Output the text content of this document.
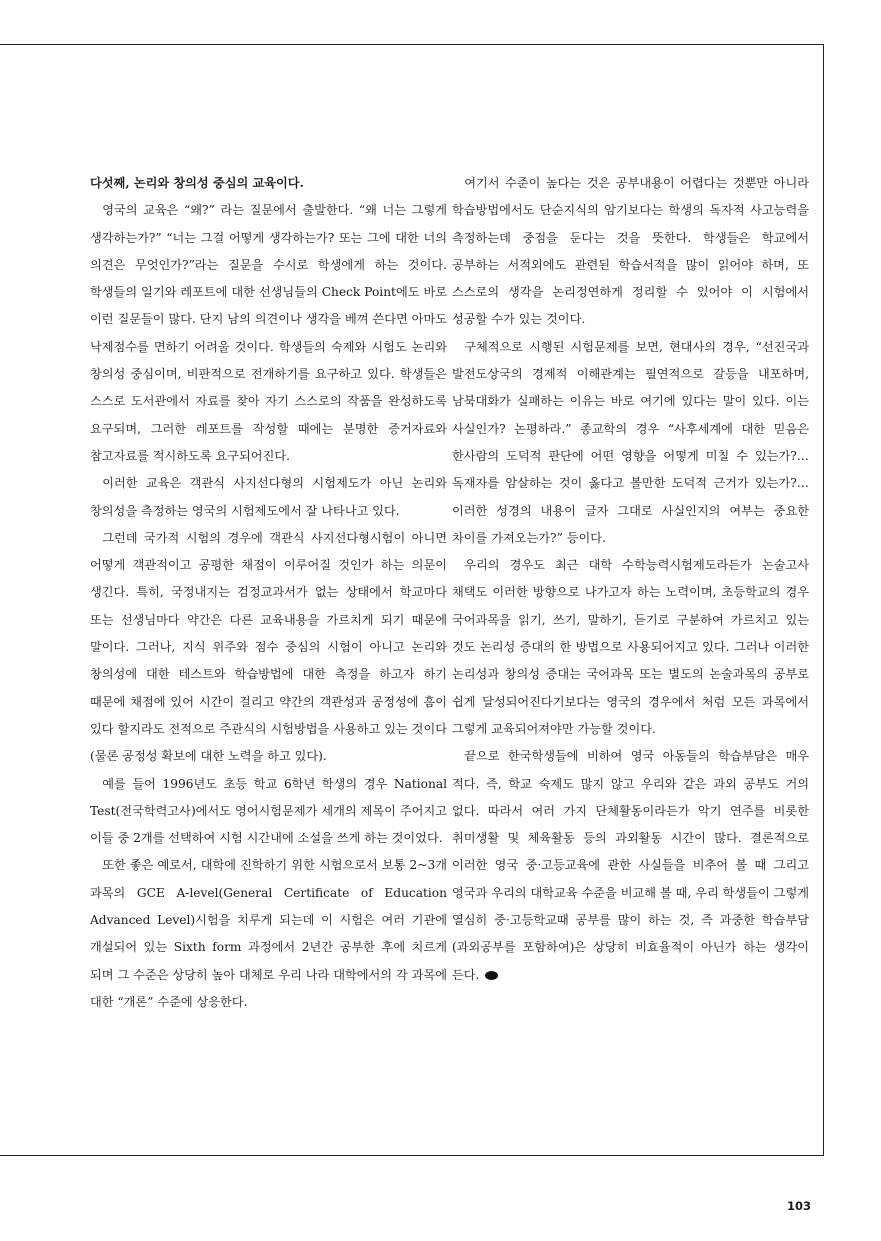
다섯째, 논리와 창의성 중심의 교육이다.

영국의 교육은 “왜?” 라는 질문에서 출발한다. “왜 너는 그렇게 생각하는가?” “너는 그걸 어떻게 생각하는가? 또는 그에 대한 너의 의견은 무엇인가?”라는 질문을 수시로 학생에게 하는 것이다. 학생들의 일기와 레포트에 대한 선생님들의 Check Point에도 바로 이런 질문들이 많다. 단지 남의 의견이나 생각을 베껴 쓴다면 아마도 낙제점수를 면하기 어려울 것이다. 학생들의 숙제와 시험도 논리와 창의성 중심이며, 비판적으로 전개하기를 요구하고 있다. 학생들은 스스로 도서관에서 자료를 찾아 자기 스스로의 작품을 완성하도록 요구되며, 그러한 레포트를 작성할 때에는 분명한 증거자료와 참고자료를 적시하도록 요구되어진다.

이러한 교육은 객관식 사지선다형의 시험제도가 아닌 논리와 창의성을 측정하는 영국의 시험제도에서 잘 나타나고 있다.

그런데 국가적 시험의 경우에 객관식 사지선다형시험이 아니면 어떻게 객관적이고 공평한 채점이 이루어질 것인가 하는 의문이 생긴다. 특히, 국정내지는 검정교과서가 없는 상태에서 학교마다 또는 선생님마다 약간은 다른 교육내용을 가르치게 되기 때문에 말이다. 그러나, 지식 위주와 점수 중심의 시험이 아니고 논리와 창의성에 대한 테스트와 학습방법에 대한 측정을 하고자 하기 때문에 채점에 있어 시간이 걸리고 약간의 객관성과 공정성에 흠이 있다 할지라도 전적으로 주관식의 시험방법을 사용하고 있는 것이다(물론 공정성 확보에 대한 노력을 하고 있다).

예를 들어 1996년도 초등 학교 6학년 학생의 경우 National Test(전국학력고사)에서도 영어시험문제가 세개의 제목이 주어지고 이들 중 2개를 선택하여 시험 시간내에 소설을 쓰게 하는 것이었다.

또한 좋은 예로서, 대학에 진학하기 위한 시험으로서 보통 2~3개 과목의 GCE A-level(General Certificate of Education Advanced Level)시험을 치루게 되는데 이 시험은 여러 기관에 개설되어 있는 Sixth form 과정에서 2년간 공부한 후에 치르게 되며 그 수준은 상당히 높아 대체로 우리 나라 대학에서의 각 과목에 대한 “개론” 수준에 상응한다.

여기서 수준이 높다는 것은 공부내용이 어렵다는 것뿐만 아니라 학습방법에서도 단순지식의 암기보다는 학생의 독자적 사고능력을 측정하는데 중점을 둔다는 것을 뜻한다. 학생들은 학교에서 공부하는 서적외에도 관련된 학습서적을 많이 읽어야 하며, 또 스스로의 생각을 논리정연하게 정리할 수 있어야 이 시험에서 성공할 수가 있는 것이다.

구체적으로 시행된 시험문제를 보면, 현대사의 경우, “선진국과 발전도상국의 경제적 이해관계는 필연적으로 갈등을 내포하며, 남북대화가 실패하는 이유는 바로 여기에 있다는 말이 있다. 이는 사실인가? 논평하라.” 종교학의 경우 “사후세계에 대한 믿음은 한사람의 도덕적 판단에 어떤 영향을 어떻게 미칠 수 있는가?… 독재자를 암살하는 것이 옳다고 볼만한 도덕적 근거가 있는가?… 이러한 성경의 내용이 글자 그대로 사실인지의 여부는 중요한 차이를 가져오는가?” 등이다.

우리의 경우도 최근 대학 수학능력시험제도라든가 논술고사 채택도 이러한 방향으로 나가고자 하는 노력이며, 초등학교의 경우 국어과목을 읽기, 쓰기, 말하기, 듣기로 구분하여 가르치고 있는 것도 논리성 증대의 한 방법으로 사용되어지고 있다. 그러나 이러한 논리성과 창의성 증대는 국어과목 또는 별도의 논술과목의 공부로 쉽게 달성되어진다기보다는 영국의 경우에서 처럼 모든 과목에서 그렇게 교육되어져야만 가능할 것이다.

끝으로 한국학생들에 비하여 영국 아동들의 학습부담은 매우 적다. 즉, 학교 숙제도 많지 않고 우리와 같은 과외 공부도 거의 없다. 따라서 여러 가지 단체활동이라든가 악기 연주를 비롯한 취미생활 및 체육활동 등의 과외활동 시간이 많다. 결론적으로 이러한 영국 중·고등교육에 관한 사실들을 비추어 볼 때 그리고 영국과 우리의 대학교육 수준을 비교해 볼 때, 우리 학생들이 그렇게 열심히 중·고등학교때 공부를 많이 하는 것, 즉 과중한 학습부담(과외공부를 포함하여)은 상당히 비효율적이 아닌가 하는 생각이 든다.

103
